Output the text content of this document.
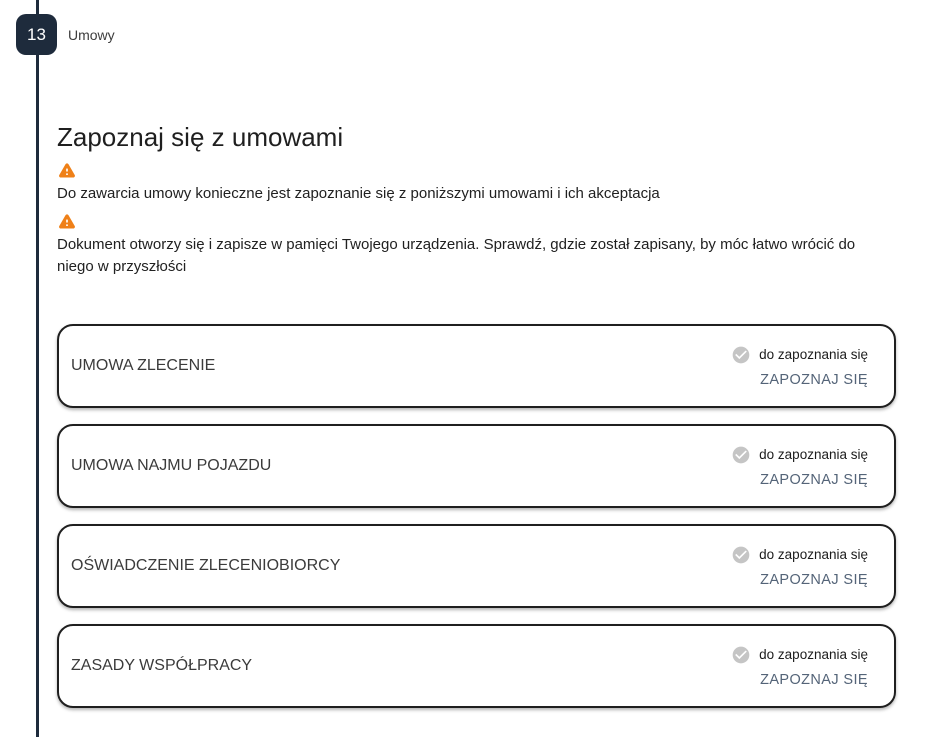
13 Umowy
Zapoznaj się z umowami

Do zawarcia umowy konieczne jest zapoznanie się z poniższymi umowami i ich akceptacja

Dokument otworzy się i zapisze w pamięci Twojego urządzenia. Sprawdź, gdzie został zapisany, by móc łatwo wrócić do niego w przyszłości

UMOWA ZLECENIE
do zapoznania się
ZAPOZNAJ SIĘ
UMOWA NAJMU POJAZDU
do zapoznania się
ZAPOZNAJ SIĘ
OŚWIADCZENIE ZLECENIOBIORCY
do zapoznania się
ZAPOZNAJ SIĘ
ZASADY WSPÓŁPRACY
do zapoznania się
ZAPOZNAJ SIĘ
